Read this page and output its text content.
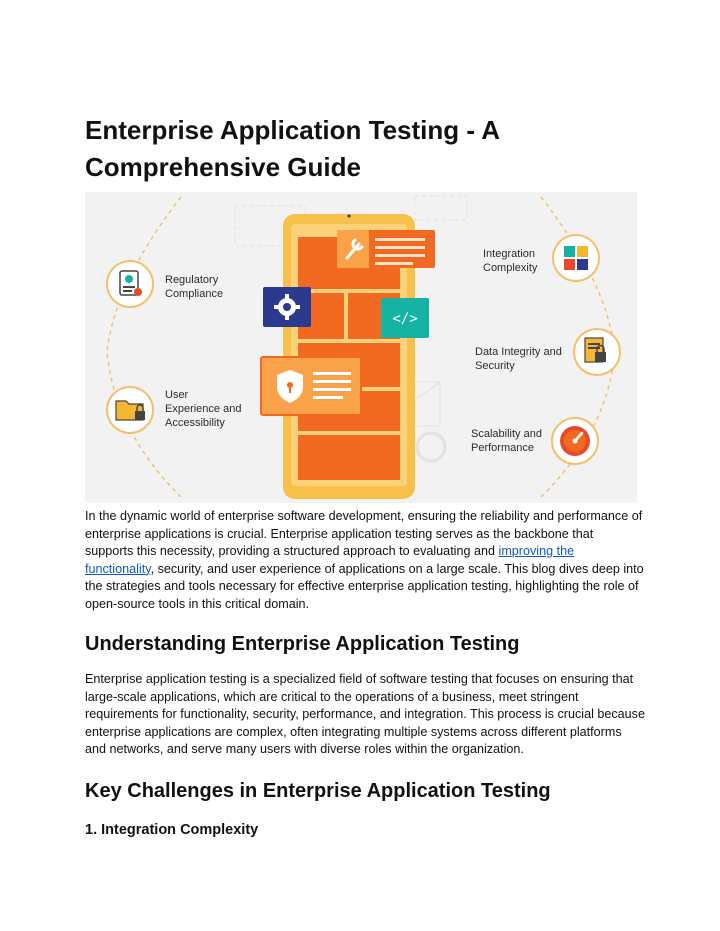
Enterprise Application Testing - A Comprehensive Guide
</>
Regulatory
Compliance
User
Experience and
Accessibility
Integration
Complexity
Data Integrity and
Security
Scalability and
Performance

In the dynamic world of enterprise software development, ensuring the reliability and performance of enterprise applications is crucial. Enterprise application testing serves as the backbone that supports this necessity, providing a structured approach to evaluating and improving the functionality, security, and user experience of applications on a large scale. This blog dives deep into the strategies and tools necessary for effective enterprise application testing, highlighting the role of open-source tools in this critical domain.

Understanding Enterprise Application Testing

Enterprise application testing is a specialized field of software testing that focuses on ensuring that large-scale applications, which are critical to the operations of a business, meet stringent requirements for functionality, security, performance, and integration. This process is crucial because enterprise applications are complex, often integrating multiple systems across different platforms and networks, and serve many users with diverse roles within the organization.

Key Challenges in Enterprise Application Testing
1. Integration Complexity
